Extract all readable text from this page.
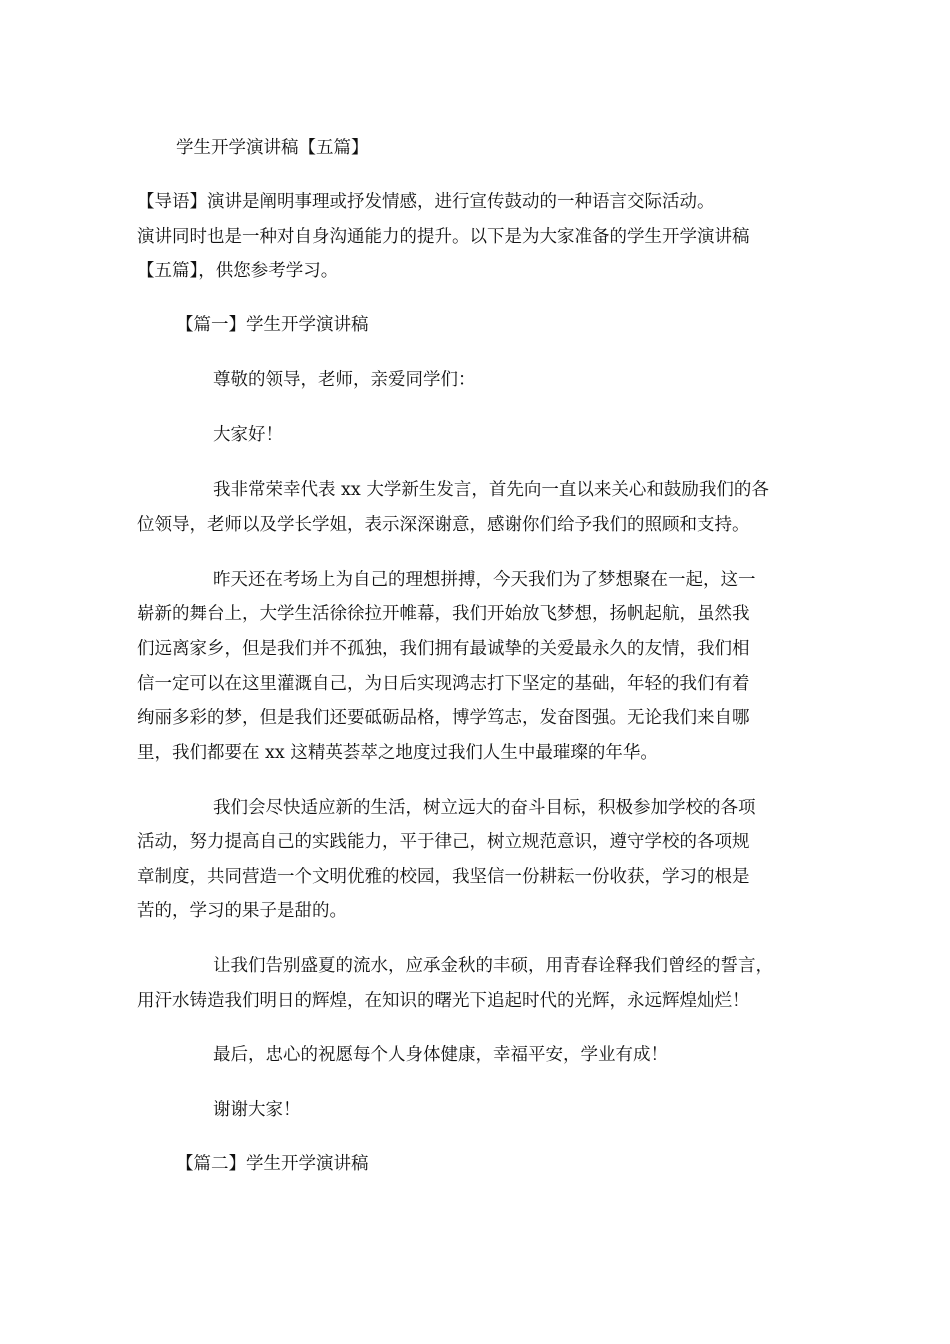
学生开学演讲稿【五篇】
【导语】演讲是阐明事理或抒发情感，进行宣传鼓动的一种语言交际活动。
演讲同时也是一种对自身沟通能力的提升。以下是为大家准备的学生开学演讲稿
【五篇】，供您参考学习。
【篇一】学生开学演讲稿
尊敬的领导，老师，亲爱同学们：
大家好！
我非常荣幸代表 xx 大学新生发言，首先向一直以来关心和鼓励我们的各
位领导，老师以及学长学姐，表示深深谢意，感谢你们给予我们的照顾和支持。
昨天还在考场上为自己的理想拼搏，今天我们为了梦想聚在一起，这一
崭新的舞台上，大学生活徐徐拉开帷幕，我们开始放飞梦想，扬帆起航，虽然我
们远离家乡，但是我们并不孤独，我们拥有最诚挚的关爱最永久的友情，我们相
信一定可以在这里灌溉自己，为日后实现鸿志打下坚定的基础，年轻的我们有着
绚丽多彩的梦，但是我们还要砥砺品格，博学笃志，发奋图强。无论我们来自哪
里，我们都要在 xx 这精英荟萃之地度过我们人生中最璀璨的年华。
我们会尽快适应新的生活，树立远大的奋斗目标，积极参加学校的各项
活动，努力提高自己的实践能力，平于律己，树立规范意识，遵守学校的各项规
章制度，共同营造一个文明优雅的校园，我坚信一份耕耘一份收获，学习的根是
苦的，学习的果子是甜的。
让我们告别盛夏的流水，应承金秋的丰硕，用青春诠释我们曾经的誓言，
用汗水铸造我们明日的辉煌，在知识的曙光下追起时代的光辉，永远辉煌灿烂！
最后，忠心的祝愿每个人身体健康，幸福平安，学业有成！
谢谢大家！
【篇二】学生开学演讲稿
